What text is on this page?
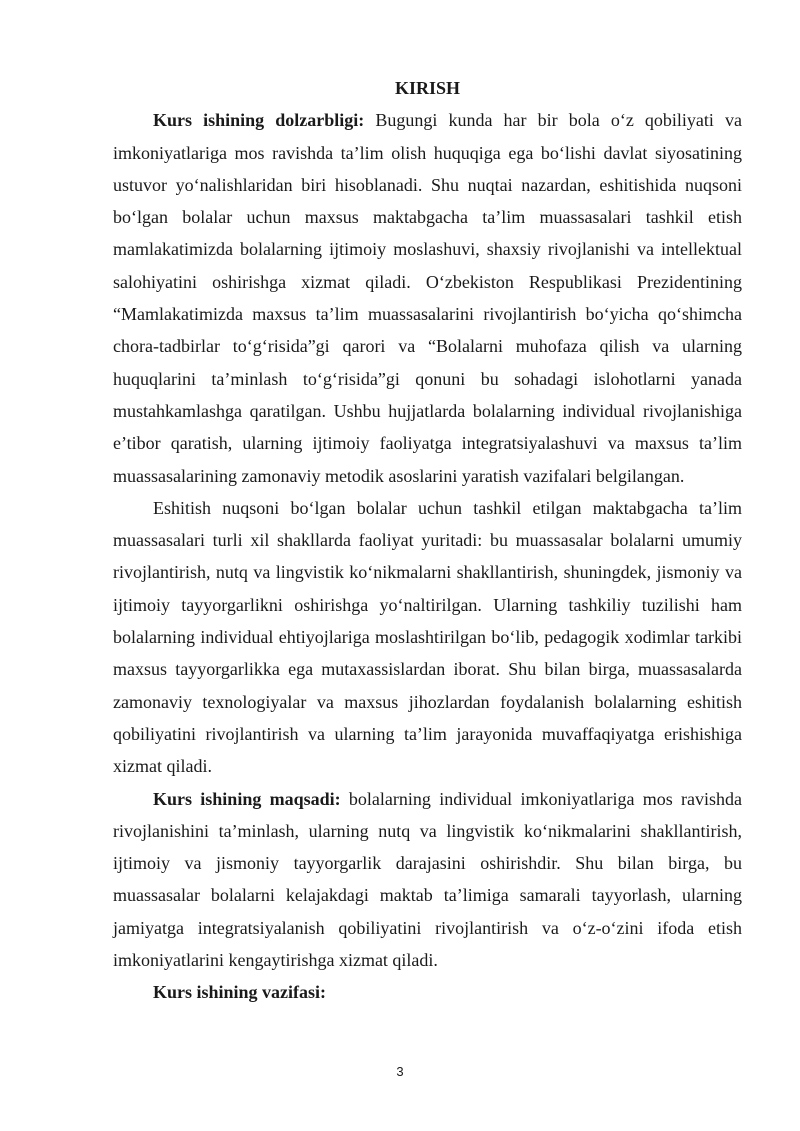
KIRISH

Kurs ishining dolzarbligi: Bugungi kunda har bir bola o‘z qobiliyati va imkoniyatlariga mos ravishda ta’lim olish huquqiga ega bo‘lishi davlat siyosatining ustuvor yo‘nalishlaridan biri hisoblanadi. Shu nuqtai nazardan, eshitishida nuqsoni bo‘lgan bolalar uchun maxsus maktabgacha ta’lim muassasalari tashkil etish mamlakatimizda bolalarning ijtimoiy moslashuvi, shaxsiy rivojlanishi va intellektual salohiyatini oshirishga xizmat qiladi. O‘zbekiston Respublikasi Prezidentining “Mamlakatimizda maxsus ta’lim muassasalarini rivojlantirish bo‘yicha qo‘shimcha chora-tadbirlar to‘g‘risida”gi qarori va “Bolalarni muhofaza qilish va ularning huquqlarini ta’minlash to‘g‘risida”gi qonuni bu sohadagi islohotlarni yanada mustahkamlashga qaratilgan. Ushbu hujjatlarda bolalarning individual rivojlanishiga e’tibor qaratish, ularning ijtimoiy faoliyatga integratsiyalashuvi va maxsus ta’lim muassasalarining zamonaviy metodik asoslarini yaratish vazifalari belgilangan.

Eshitish nuqsoni bo‘lgan bolalar uchun tashkil etilgan maktabgacha ta’lim muassasalari turli xil shakllarda faoliyat yuritadi: bu muassasalar bolalarni umumiy rivojlantirish, nutq va lingvistik ko‘nikmalarni shakllantirish, shuningdek, jismoniy va ijtimoiy tayyorgarlikni oshirishga yo‘naltirilgan. Ularning tashkiliy tuzilishi ham bolalarning individual ehtiyojlariga moslashtirilgan bo‘lib, pedagogik xodimlar tarkibi maxsus tayyorgarlikka ega mutaxassislardan iborat. Shu bilan birga, muassasalarda zamonaviy texnologiyalar va maxsus jihozlardan foydalanish bolalarning eshitish qobiliyatini rivojlantirish va ularning ta’lim jarayonida muvaffaqiyatga erishishiga xizmat qiladi.

Kurs ishining maqsadi: bolalarning individual imkoniyatlariga mos ravishda rivojlanishini ta’minlash, ularning nutq va lingvistik ko‘nikmalarini shakllantirish, ijtimoiy va jismoniy tayyorgarlik darajasini oshirishdir. Shu bilan birga, bu muassasalar bolalarni kelajakdagi maktab ta’limiga samarali tayyorlash, ularning jamiyatga integratsiyalanish qobiliyatini rivojlantirish va o‘z-o‘zini ifoda etish imkoniyatlarini kengaytirishga xizmat qiladi.

Kurs ishining vazifasi:

3
